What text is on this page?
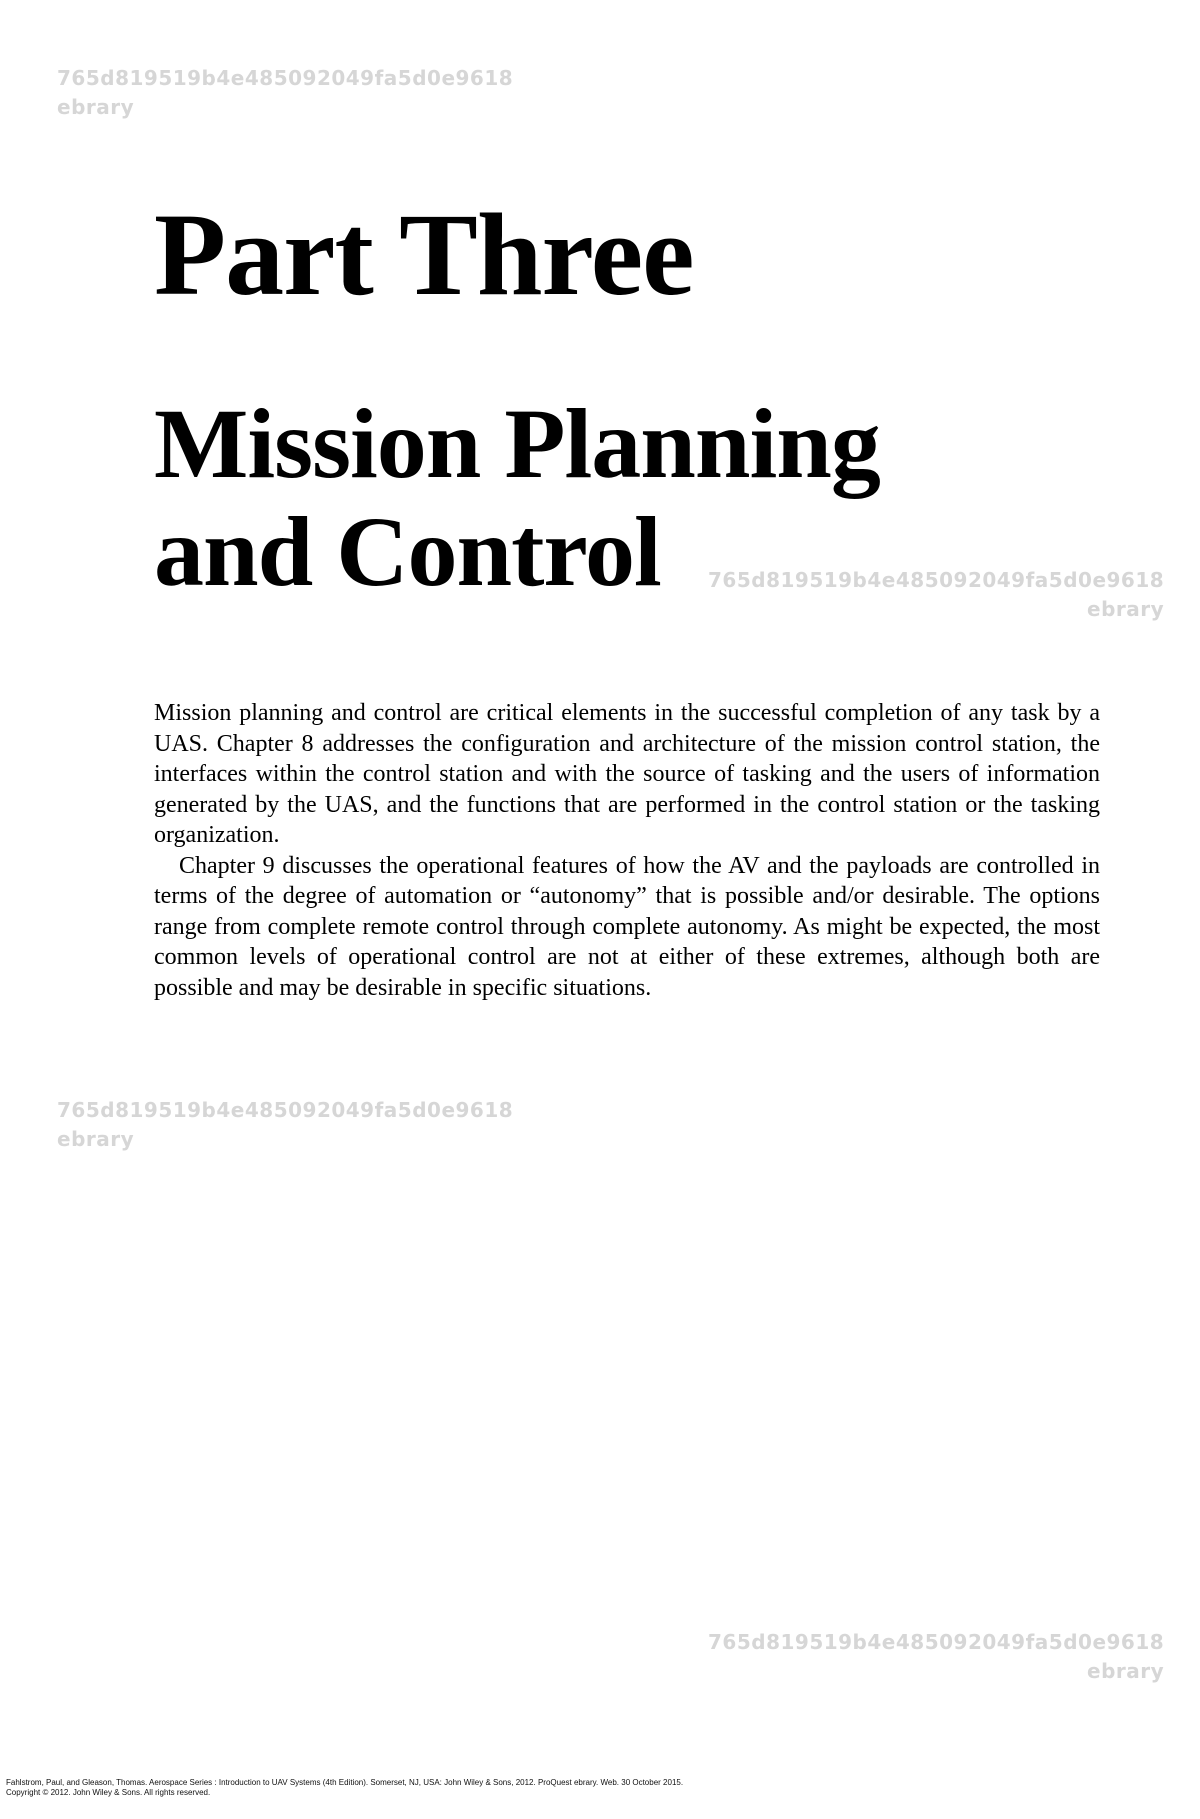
765d819519b4e485092049fa5d0e9618
ebrary
765d819519b4e485092049fa5d0e9618
ebrary
765d819519b4e485092049fa5d0e9618
ebrary
765d819519b4e485092049fa5d0e9618
ebrary
Part Three
Mission Planning
and Control

Mission planning and control are critical elements in the successful completion of any task by a UAS. Chapter 8 addresses the configuration and architecture of the mission control station, the interfaces within the control station and with the source of tasking and the users of information generated by the UAS, and the functions that are performed in the control station or the tasking organization.

Chapter 9 discusses the operational features of how the AV and the payloads are controlled in terms of the degree of automation or “autonomy” that is possible and/or desirable. The options range from complete remote control through complete autonomy. As might be expected, the most common levels of operational control are not at either of these extremes, although both are possible and may be desirable in specific situations.

Fahlstrom, Paul, and Gleason, Thomas. Aerospace Series : Introduction to UAV Systems (4th Edition). Somerset, NJ, USA: John Wiley & Sons, 2012. ProQuest ebrary. Web. 30 October 2015.
Copyright © 2012. John Wiley & Sons. All rights reserved.
